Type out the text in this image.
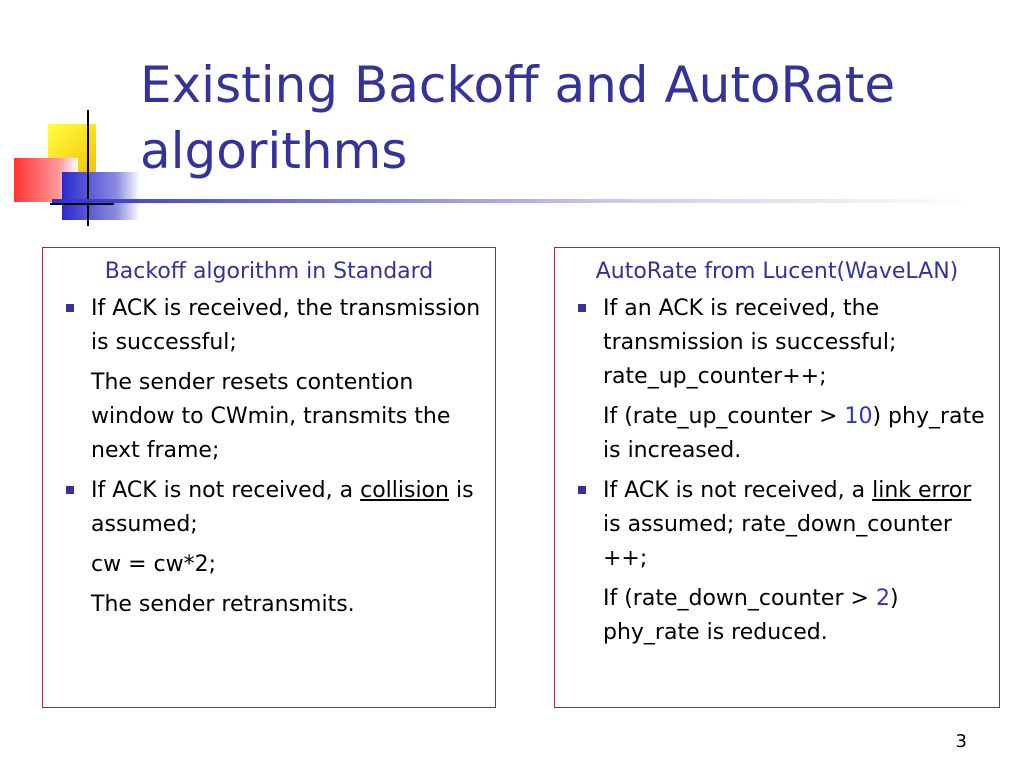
Existing Backoff and AutoRate algorithms
Backoff algorithm in Standard

If ACK is received, the transmission is successful;

The sender resets contention window to CWmin, transmits the next frame;

If ACK is not received, a collision is assumed;

cw = cw*2;

The sender retransmits.

AutoRate from Lucent(WaveLAN)

If an ACK is received, the transmission is successful; rate_up_counter++;

If (rate_up_counter > 10) phy_rate is increased.

If ACK is not received, a link error is assumed; rate_down_counter ++;

If (rate_down_counter > 2) phy_rate is reduced.

3
